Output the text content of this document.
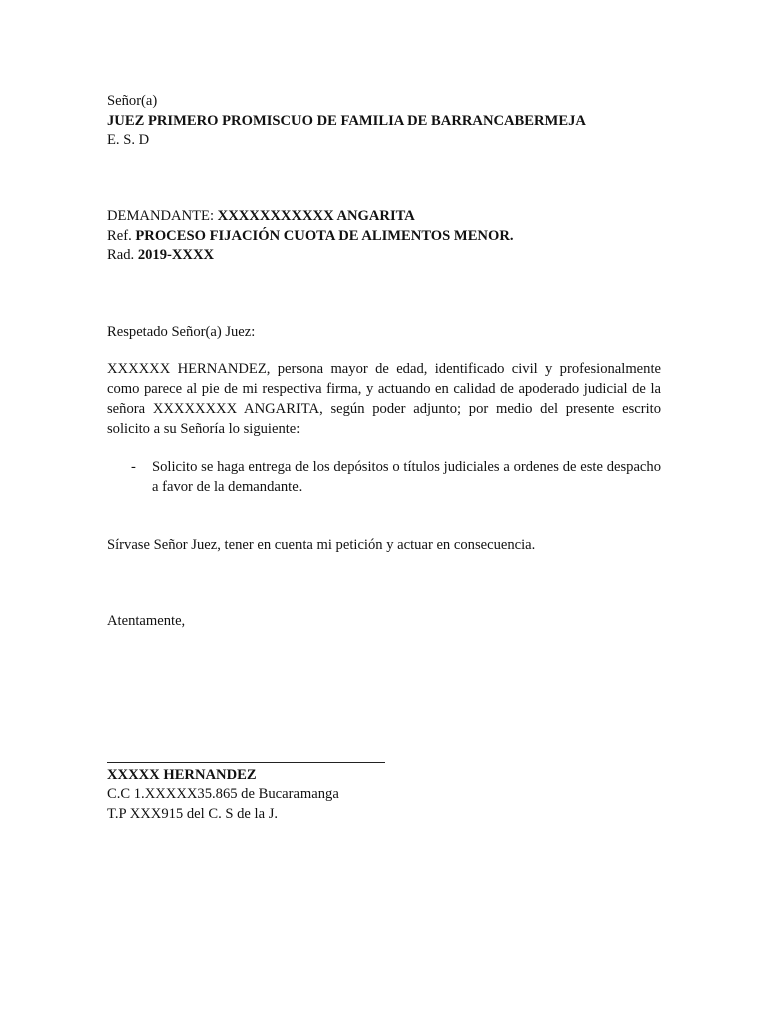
Señor(a)
JUEZ PRIMERO PROMISCUO DE FAMILIA DE BARRANCABERMEJA
E. S. D
DEMANDANTE: XXXXXXXXXXX ANGARITA
Ref. PROCESO FIJACIÓN CUOTA DE ALIMENTOS MENOR.
Rad. 2019-XXXX
Respetado Señor(a) Juez:
XXXXXX HERNANDEZ, persona mayor de edad, identificado civil y profesionalmente como parece al pie de mi respectiva firma, y actuando en calidad de apoderado judicial de la señora XXXXXXXX ANGARITA, según poder adjunto; por medio del presente escrito solicito a su Señoría lo siguiente:
- Solicito se haga entrega de los depósitos o títulos judiciales a ordenes de este despacho a favor de la demandante.
Sírvase Señor Juez, tener en cuenta mi petición y actuar en consecuencia.
Atentamente,
XXXXX HERNANDEZ
C.C 1.XXXXX35.865 de Bucaramanga
T.P XXX915 del C. S de la J.
